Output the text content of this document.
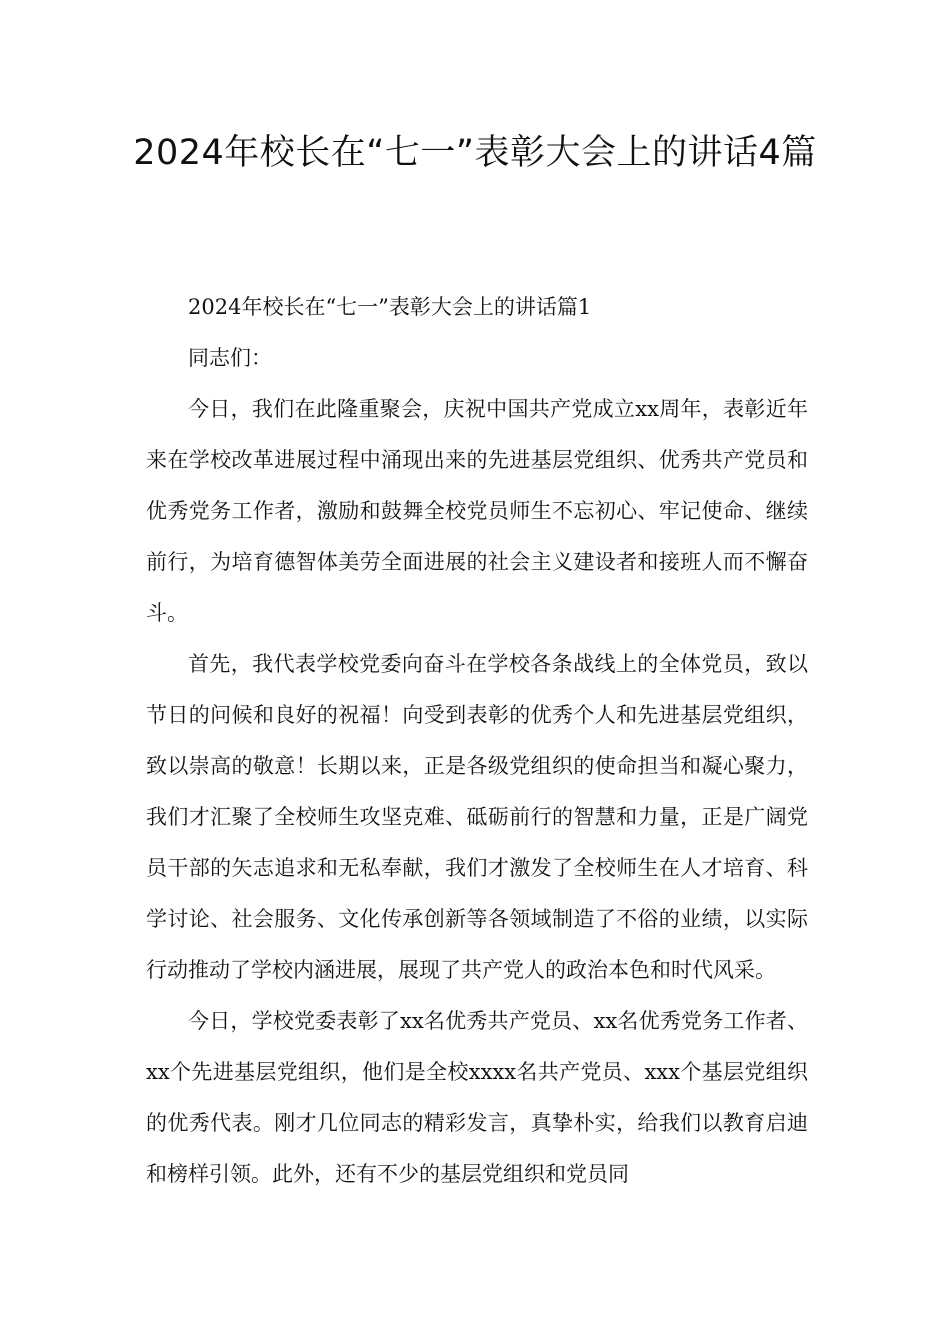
2024年校长在“七一”表彰大会上的讲话4篇

2024年校长在“七一”表彰大会上的讲话篇1

同志们：

今日，我们在此隆重聚会，庆祝中国共产党成立xx周年，表彰近年来在学校改革进展过程中涌现出来的先进基层党组织、优秀共产党员和优秀党务工作者，激励和鼓舞全校党员师生不忘初心、牢记使命、继续前行，为培育德智体美劳全面进展的社会主义建设者和接班人而不懈奋斗。

首先，我代表学校党委向奋斗在学校各条战线上的全体党员，致以节日的问候和良好的祝福！向受到表彰的优秀个人和先进基层党组织，致以崇高的敬意！长期以来，正是各级党组织的使命担当和凝心聚力，我们才汇聚了全校师生攻坚克难、砥砺前行的智慧和力量，正是广阔党员干部的矢志追求和无私奉献，我们才激发了全校师生在人才培育、科学讨论、社会服务、文化传承创新等各领域制造了不俗的业绩，以实际行动推动了学校内涵进展，展现了共产党人的政治本色和时代风采。

今日，学校党委表彰了xx名优秀共产党员、xx名优秀党务工作者、xx个先进基层党组织，他们是全校xxxx名共产党员、xxx个基层党组织的优秀代表。刚才几位同志的精彩发言，真挚朴实，给我们以教育启迪和榜样引领。此外，还有不少的基层党组织和党员同
